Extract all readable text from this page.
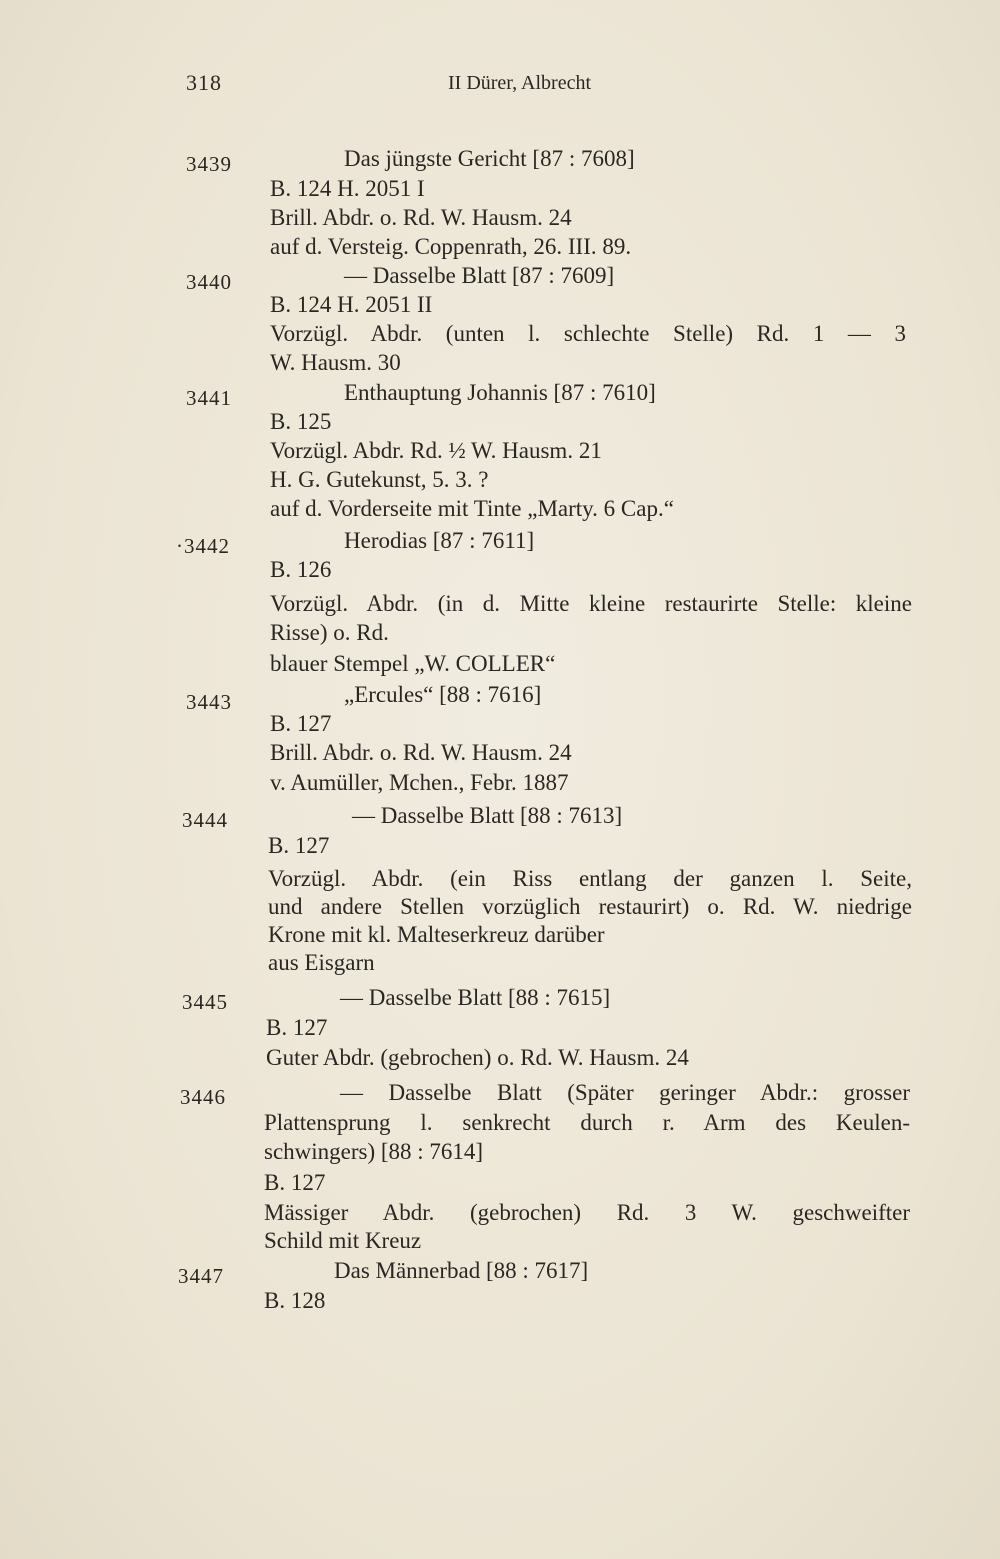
318	II Dürer, Albrecht
3439	Das jüngste Gericht [87 : 7608]
B. 124 H. 2051 I
Brill. Abdr. o. Rd. W. Hausm. 24
auf d. Versteig. Coppenrath, 26. III. 89.
3440	— Dasselbe Blatt [87 : 7609]
B. 124 H. 2051 II
Vorzügl. Abdr. (unten l. schlechte Stelle) Rd. 1 — 3
W. Hausm. 30
3441	Enthauptung Johannis [87 : 7610]
B. 125
Vorzügl. Abdr. Rd. ½ W. Hausm. 21
H. G. Gutekunst, 5. 3. ?
auf d. Vorderseite mit Tinte „Marty. 6 Cap.“
·3442	Herodias [87 : 7611]
B. 126
Vorzügl. Abdr. (in d. Mitte kleine restaurirte Stelle: kleine
Risse) o. Rd.
blauer Stempel „W. COLLER“
3443	„Ercules“ [88 : 7616]
B. 127
Brill. Abdr. o. Rd. W. Hausm. 24
v. Aumüller, Mchen., Febr. 1887
3444	— Dasselbe Blatt [88 : 7613]
B. 127
Vorzügl. Abdr. (ein Riss entlang der ganzen l. Seite,
und andere Stellen vorzüglich restaurirt) o. Rd. W. niedrige
Krone mit kl. Malteserkreuz darüber
aus Eisgarn
3445	— Dasselbe Blatt [88 : 7615]
B. 127
Guter Abdr. (gebrochen) o. Rd. W. Hausm. 24
3446	— Dasselbe Blatt (Später geringer Abdr.: grosser
Plattensprung l. senkrecht durch r. Arm des Keulen-
schwingers) [88 : 7614]
B. 127
Mässiger Abdr. (gebrochen) Rd. 3 W. geschweifter
Schild mit Kreuz
3447	Das Männerbad [88 : 7617]
B. 128
